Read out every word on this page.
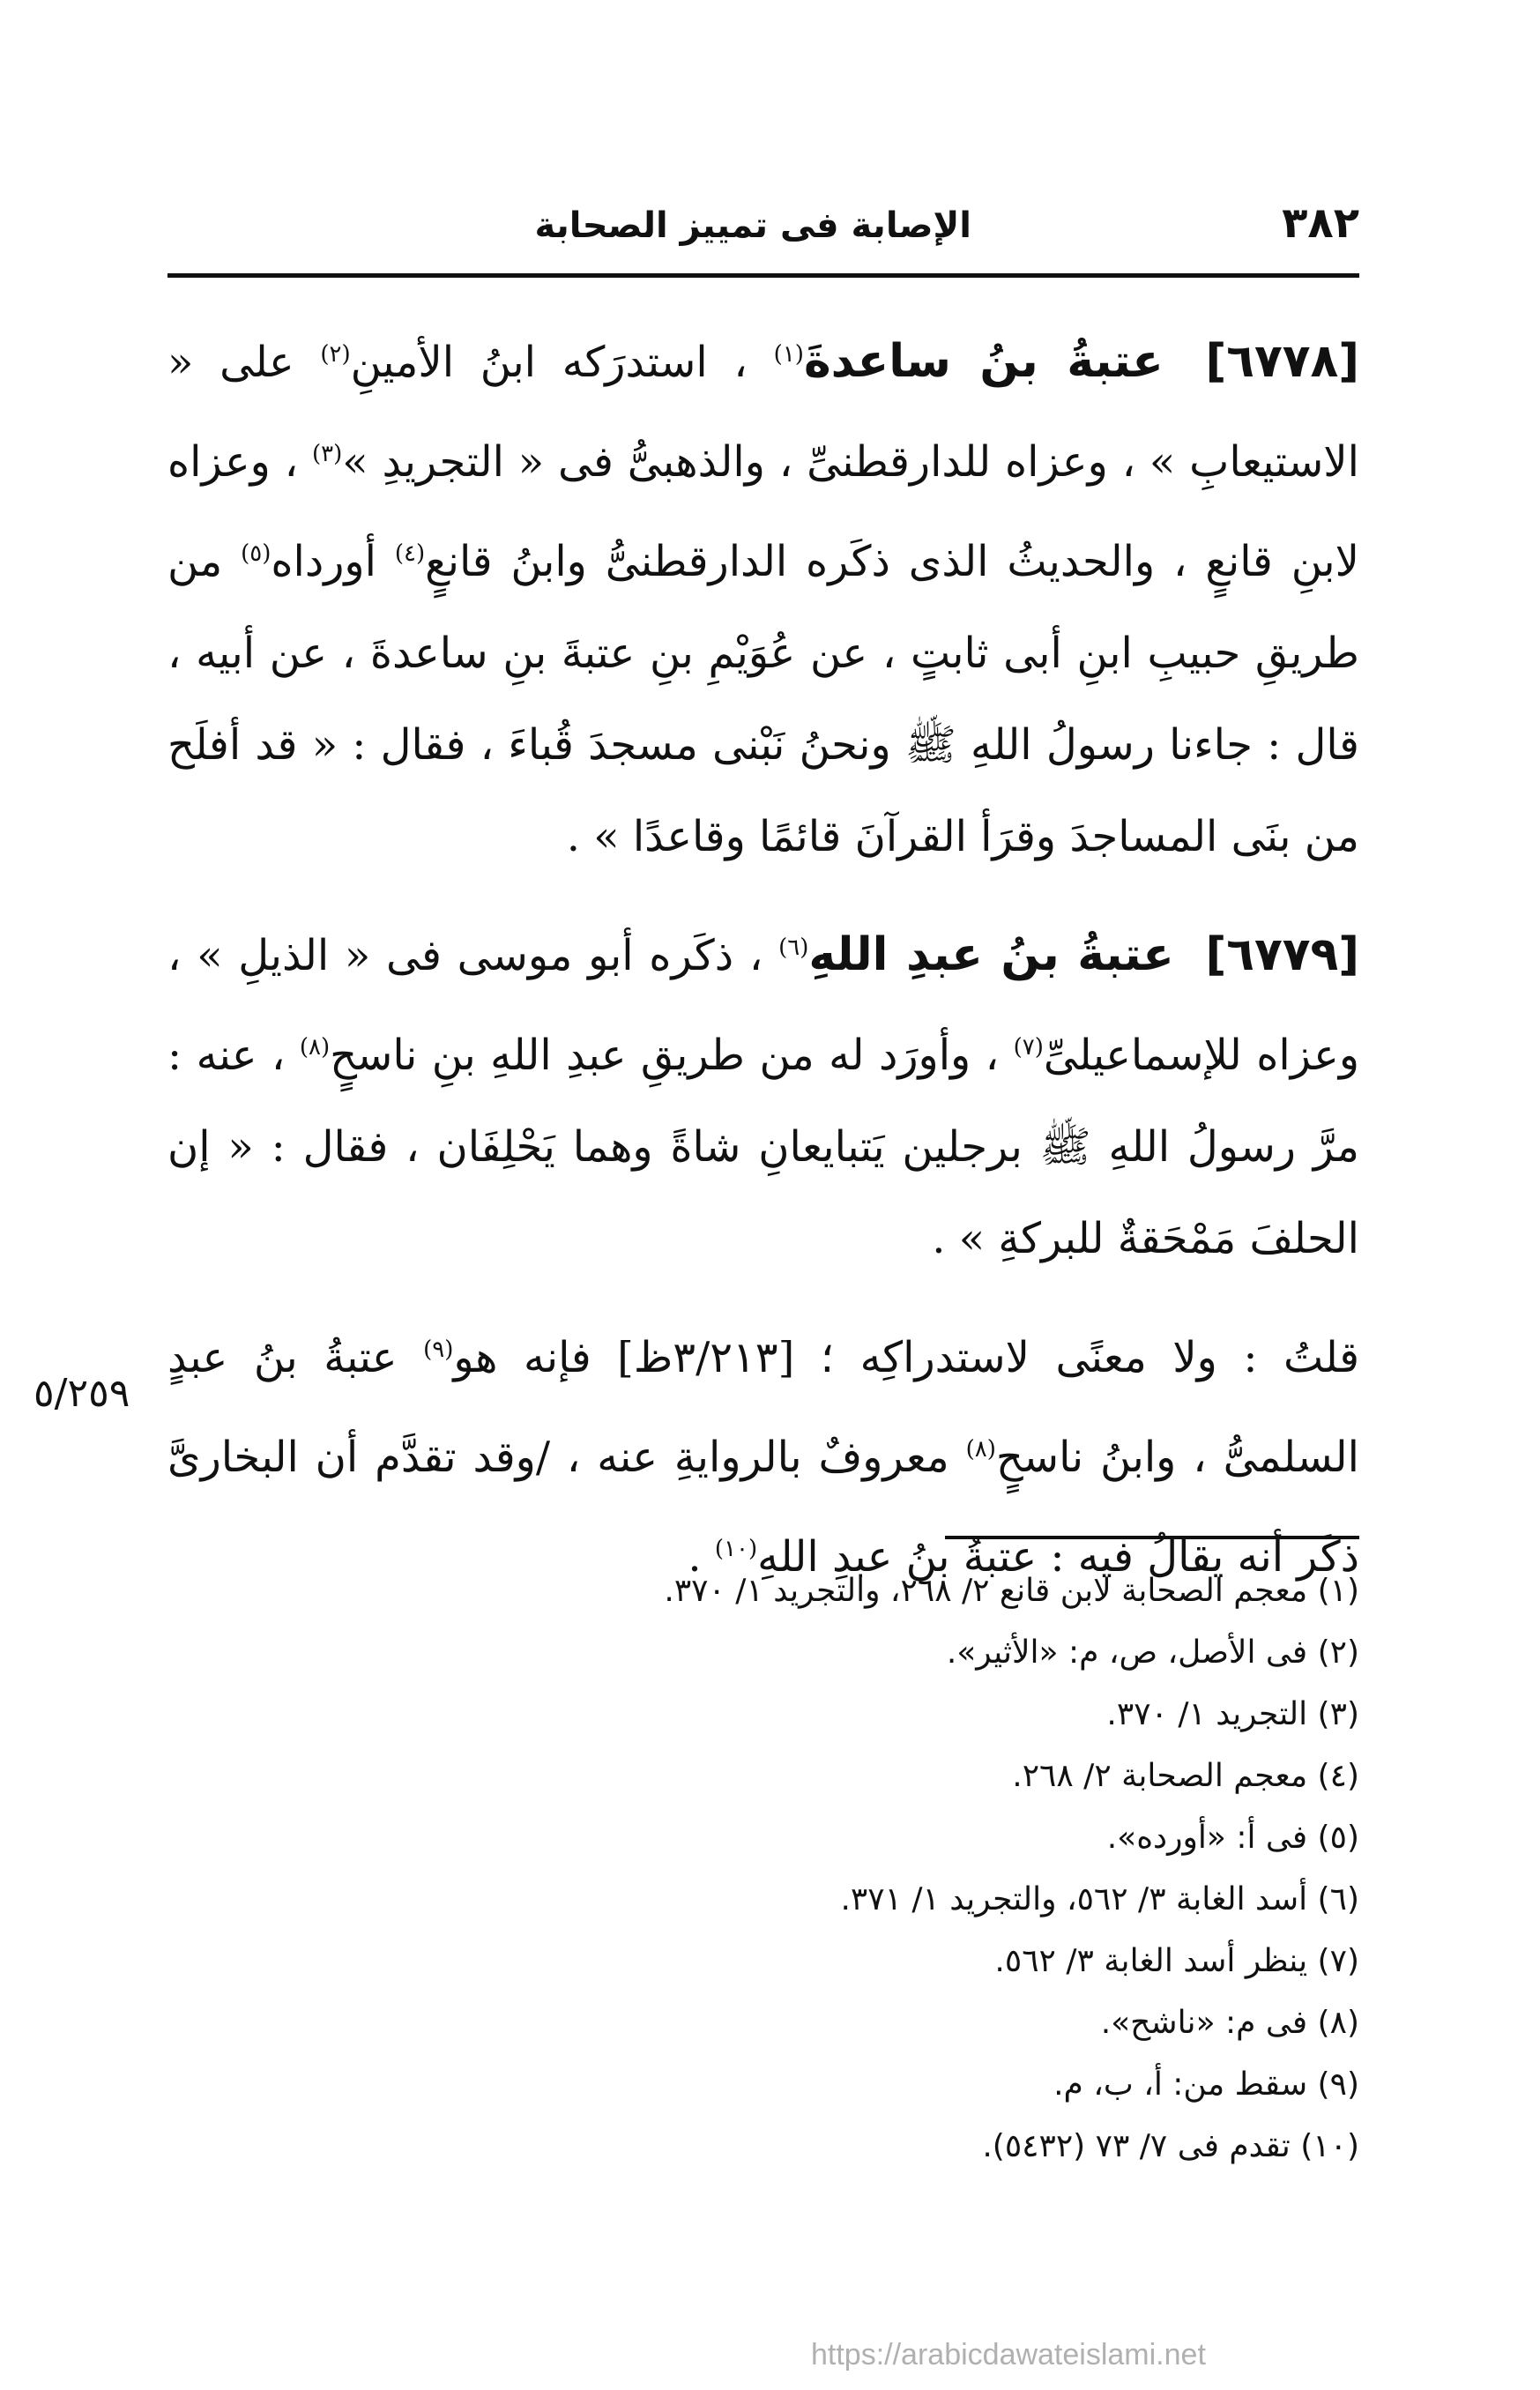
٣٨٢
الإصابة فى تمييز الصحابة

[٦٧٧٨] عتبةُ بنُ ساعدةَ$^{(١)}$ ، استدرَكه ابنُ الأمينِ$^{(٢)}$ على « الاستيعابِ » ، وعزاه للدارقطنىِّ ، والذهبىُّ فى « التجريدِ »$^{(٣)}$ ، وعزاه لابنِ قانعٍ ، والحديثُ الذى ذكَره الدارقطنىُّ وابنُ قانعٍ$^{(٤)}$ أورداه$^{(٥)}$ من طريقِ حبيبِ ابنِ أبى ثابتٍ ، عن عُوَيْمِ بنِ عتبةَ بنِ ساعدةَ ، عن أبيه ، قال : جاءنا رسولُ اللهِ ﷺ ونحنُ نَبْنى مسجدَ قُباءَ ، فقال : « قد أفلَح من بنَى المساجدَ وقرَأ القرآنَ قائمًا وقاعدًا » .

[٦٧٧٩] عتبةُ بنُ عبدِ اللهِ$^{(٦)}$ ، ذكَره أبو موسى فى « الذيلِ » ، وعزاه للإسماعيلىِّ$^{(٧)}$ ، وأورَد له من طريقِ عبدِ اللهِ بنِ ناسحٍ$^{(٨)}$ ، عنه : مرَّ رسولُ اللهِ ﷺ برجلين يَتبايعانِ شاةً وهما يَحْلِفَان ، فقال : « إن الحلفَ مَمْحَقةٌ للبركةِ » .

قلتُ : ولا معنًى لاستدراكِه ؛ [٣/٢١٣ظ] فإنه هو$^{(٩)}$ عتبةُ بنُ عبدٍ السلمىُّ ، وابنُ ناسحٍ$^{(٨)}$ معروفٌ بالروايةِ عنه ، /وقد تقدَّم أن البخارىَّ ذكَر أنه يقالُ فيه : عتبةُ بنُ عبدِ اللهِ$^{(١٠)}$ .

٥/٢٥٩
(١) معجم الصحابة لابن قانع ٢/ ٢٦٨، والتجريد ١/ ٣٧٠.
(٢) فى الأصل، ص، م: «الأثير».
(٣) التجريد ١/ ٣٧٠.
(٤) معجم الصحابة ٢/ ٢٦٨.
(٥) فى أ: «أورده».
(٦) أسد الغابة ٣/ ٥٦٢، والتجريد ١/ ٣٧١.
(٧) ينظر أسد الغابة ٣/ ٥٦٢.
(٨) فى م: «ناشح».
(٩) سقط من: أ، ب، م.
(١٠) تقدم فى ٧/ ٧٣ (٥٤٣٢).
https://arabicdawateislami.net
